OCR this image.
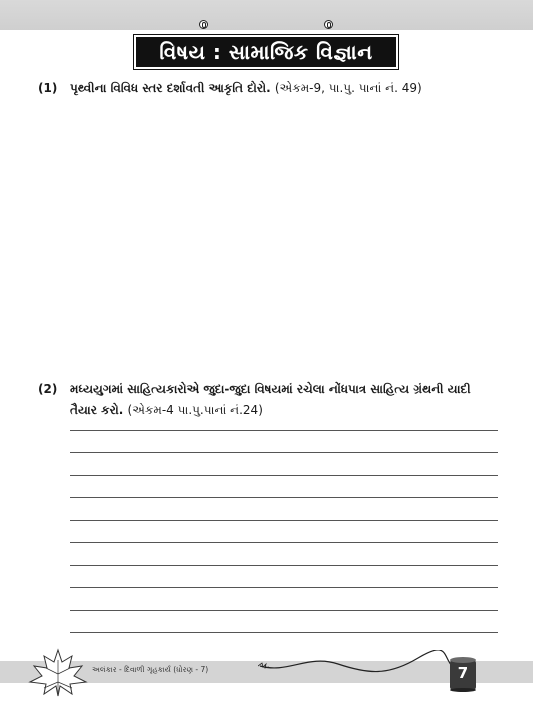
વિષય : સામાજિક વિજ્ઞાન
(1) પૃથ્વીના વિવિધ સ્તર દર્શાવતી આકૃતિ દોરો. (એકમ-9, પા.પુ. પાનાં નં. 49)
(2) મધ્યયુગમાં સાહિત્યકારોએ જુદા-જુદા વિષયમાં રચેલા નોંધપાત્ર સાહિત્ય ગ્રંથની યાદી
તૈયાર કરો. (એકમ-4 પા.પુ.પાનાં નં.24)
અલંકાર - દિવાળી ગૃહકાર્ય (ધોરણ - 7)	7
